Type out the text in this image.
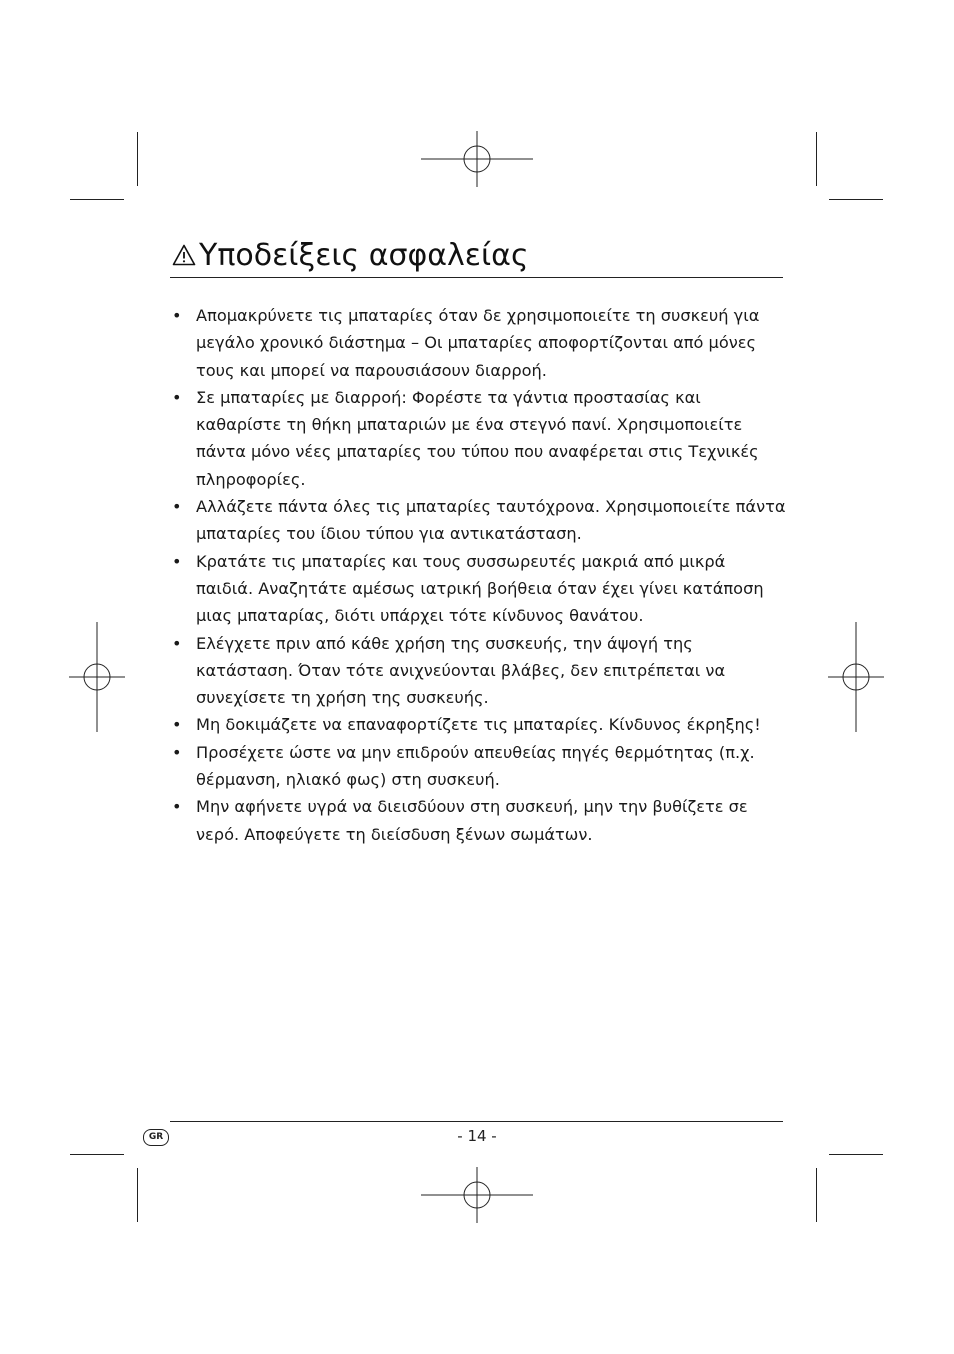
Υποδείξεις ασφαλείας
• Απομακρύνετε τις μπαταρίες όταν δε χρησιμοποιείτε τη συσκευή για μεγάλο χρονικό διάστημα – Οι μπαταρίες αποφορτίζονται από μόνες τους και μπορεί να παρουσιάσουν διαρροή.
• Σε μπαταρίες με διαρροή: Φορέστε τα γάντια προστασίας και καθαρίστε τη θήκη μπαταριών με ένα στεγνό πανί. Χρησιμοποιείτε πάντα μόνο νέες μπαταρίες του τύπου που αναφέρεται στις Τεχνικές πληροφορίες.
• Αλλάζετε πάντα όλες τις μπαταρίες ταυτόχρονα. Χρησιμοποιείτε πάντα μπαταρίες του ίδιου τύπου για αντικατάσταση.
• Κρατάτε τις μπαταρίες και τους συσσωρευτές μακριά από μικρά παιδιά. Αναζητάτε αμέσως ιατρική βοήθεια όταν έχει γίνει κατάποση μιας μπαταρίας, διότι υπάρχει τότε κίνδυνος θανάτου.
• Ελέγχετε πριν από κάθε χρήση της συσκευής, την άψογή της κατάσταση. Όταν τότε ανιχνεύονται βλάβες, δεν επιτρέπεται να συνεχίσετε τη χρήση της συσκευής.
• Μη δοκιμάζετε να επαναφορτίζετε τις μπαταρίες. Κίνδυνος έκρηξης!
• Προσέχετε ώστε να μην επιδρούν απευθείας πηγές θερμότητας (π.χ. θέρμανση, ηλιακό φως) στη συσκευή.
• Μην αφήνετε υγρά να διεισδύουν στη συσκευή, μην την βυθίζετε σε νερό. Αποφεύγετε τη διείσδυση ξένων σωμάτων.
GR	- 14 -
